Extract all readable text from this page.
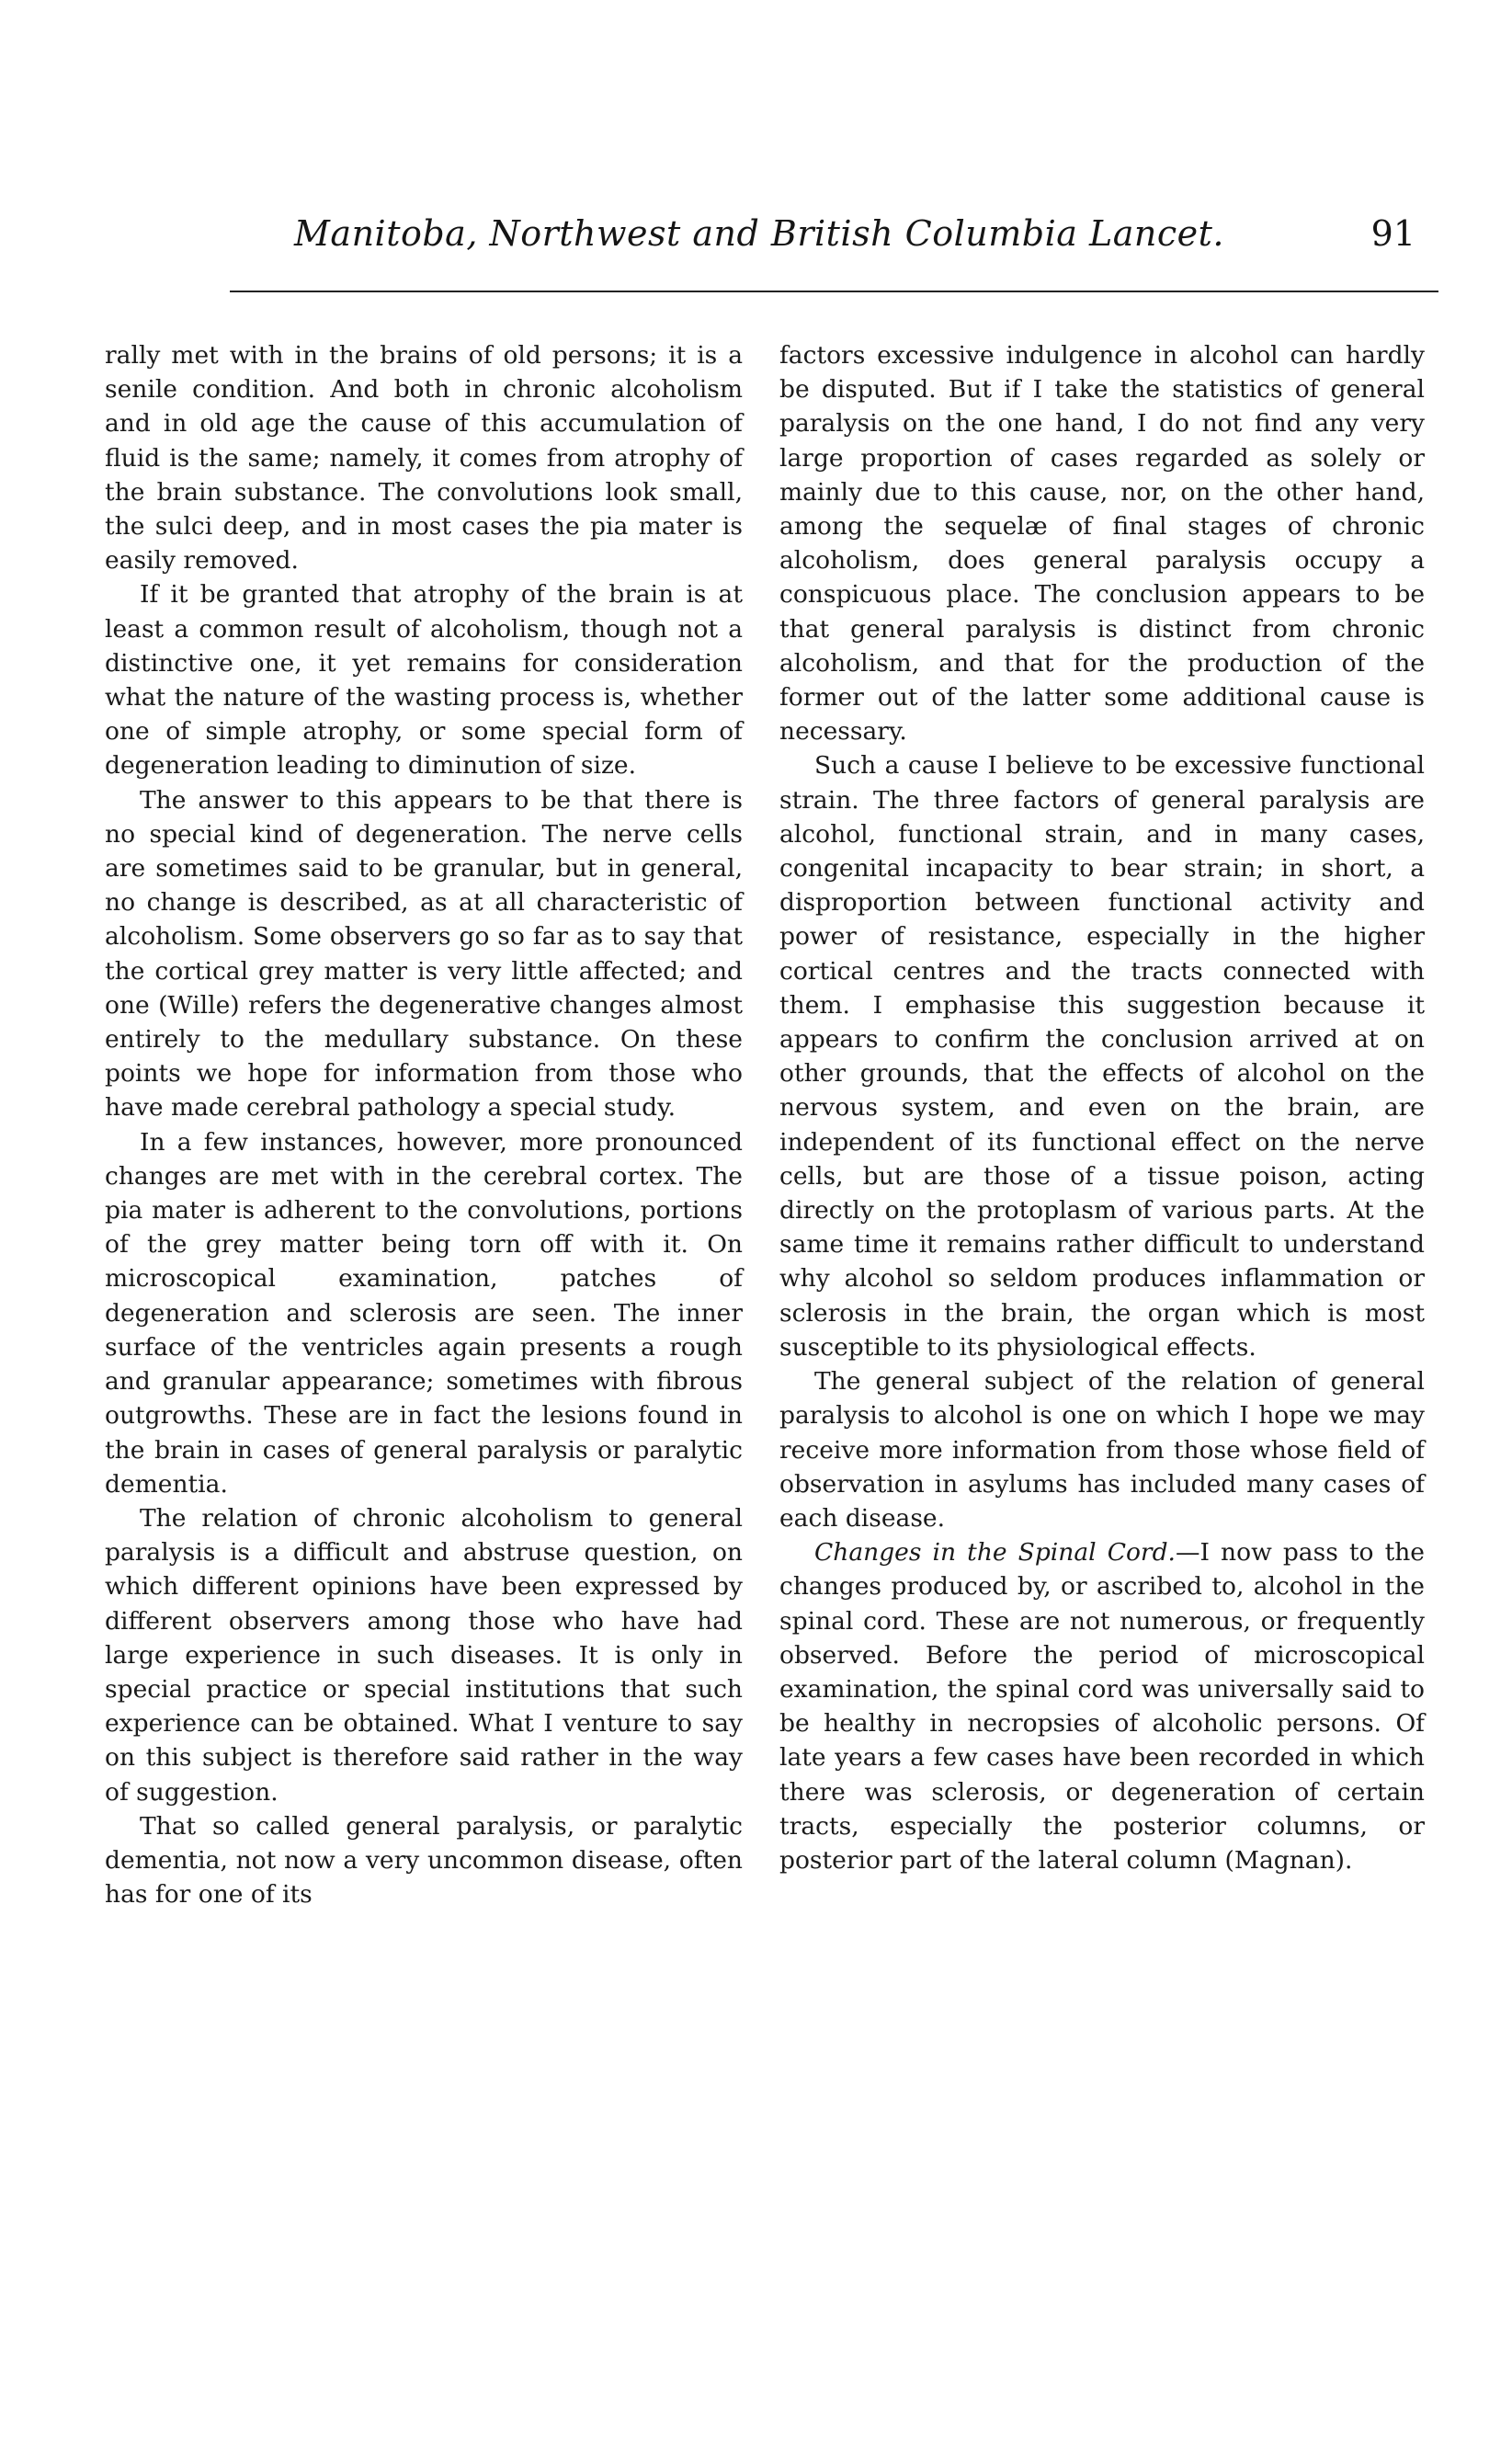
Manitoba, Northwest and British Columbia Lancet.	91

rally met with in the brains of old persons; it is a senile condition. And both in chronic alcoholism and in old age the cause of this accumulation of fluid is the same; namely, it comes from atrophy of the brain substance. The convolutions look small, the sulci deep, and in most cases the pia mater is easily removed.

If it be granted that atrophy of the brain is at least a common result of alcoholism, though not a distinctive one, it yet remains for consideration what the nature of the wasting process is, whether one of simple atrophy, or some special form of degeneration leading to diminution of size.

The answer to this appears to be that there is no special kind of degeneration. The nerve cells are sometimes said to be granular, but in general, no change is described, as at all characteristic of alcoholism. Some observers go so far as to say that the cortical grey matter is very little affected; and one (Wille) refers the degenerative changes almost entirely to the medullary substance. On these points we hope for information from those who have made cerebral pathology a special study.

In a few instances, however, more pronounced changes are met with in the cerebral cortex. The pia mater is adherent to the convolutions, portions of the grey matter being torn off with it. On microscopical examination, patches of degeneration and sclerosis are seen. The inner surface of the ventricles again presents a rough and granular appearance; sometimes with fibrous outgrowths. These are in fact the lesions found in the brain in cases of general paralysis or paralytic dementia.

The relation of chronic alcoholism to general paralysis is a difficult and abstruse question, on which different opinions have been expressed by different observers among those who have had large experience in such diseases. It is only in special practice or special institutions that such experience can be obtained. What I venture to say on this subject is therefore said rather in the way of suggestion.

That so called general paralysis, or paralytic dementia, not now a very uncommon disease, often has for one of its

factors excessive indulgence in alcohol can hardly be disputed. But if I take the statistics of general paralysis on the one hand, I do not find any very large proportion of cases regarded as solely or mainly due to this cause, nor, on the other hand, among the sequelæ of final stages of chronic alcoholism, does general paralysis occupy a conspicuous place. The conclusion appears to be that general paralysis is distinct from chronic alcoholism, and that for the production of the former out of the latter some additional cause is necessary.

Such a cause I believe to be excessive functional strain. The three factors of general paralysis are alcohol, functional strain, and in many cases, congenital incapacity to bear strain; in short, a disproportion between functional activity and power of resistance, especially in the higher cortical centres and the tracts connected with them. I emphasise this suggestion because it appears to confirm the conclusion arrived at on other grounds, that the effects of alcohol on the nervous system, and even on the brain, are independent of its functional effect on the nerve cells, but are those of a tissue poison, acting directly on the protoplasm of various parts. At the same time it remains rather difficult to understand why alcohol so seldom produces inflammation or sclerosis in the brain, the organ which is most susceptible to its physiological effects.

The general subject of the relation of general paralysis to alcohol is one on which I hope we may receive more information from those whose field of observation in asylums has included many cases of each disease.

Changes in the Spinal Cord.—I now pass to the changes produced by, or ascribed to, alcohol in the spinal cord. These are not numerous, or frequently observed. Before the period of microscopical examination, the spinal cord was universally said to be healthy in necropsies of alcoholic persons. Of late years a few cases have been recorded in which there was sclerosis, or degeneration of certain tracts, especially the posterior columns, or posterior part of the lateral column (Magnan).
